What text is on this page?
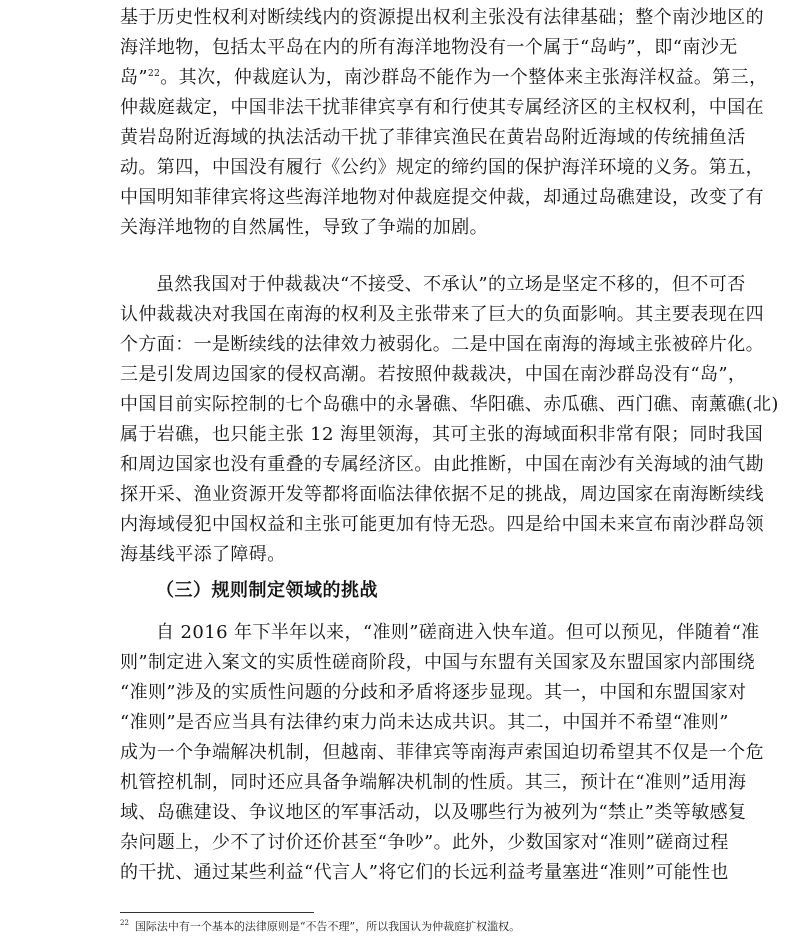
基于历史性权利对断续线内的资源提出权利主张没有法律基础；整个南沙地区的
海洋地物，包括太平岛在内的所有海洋地物没有一个属于“岛屿”，即“南沙无
岛”$^{22}$。其次，仲裁庭认为，南沙群岛不能作为一个整体来主张海洋权益。第三，
仲裁庭裁定，中国非法干扰菲律宾享有和行使其专属经济区的主权权利，中国在
黄岩岛附近海域的执法活动干扰了菲律宾渔民在黄岩岛附近海域的传统捕鱼活
动。第四，中国没有履行《公约》规定的缔约国的保护海洋环境的义务。第五，
中国明知菲律宾将这些海洋地物对仲裁庭提交仲裁，却通过岛礁建设，改变了有
关海洋地物的自然属性，导致了争端的加剧。
虽然我国对于仲裁裁决“不接受、不承认”的立场是坚定不移的，但不可否
认仲裁裁决对我国在南海的权利及主张带来了巨大的负面影响。其主要表现在四
个方面：一是断续线的法律效力被弱化。二是中国在南海的海域主张被碎片化。
三是引发周边国家的侵权高潮。若按照仲裁裁决，中国在南沙群岛没有“岛”，
中国目前实际控制的七个岛礁中的永暑礁、华阳礁、赤瓜礁、西门礁、南薰礁(北)
属于岩礁，也只能主张 12 海里领海，其可主张的海域面积非常有限；同时我国
和周边国家也没有重叠的专属经济区。由此推断，中国在南沙有关海域的油气勘
探开采、渔业资源开发等都将面临法律依据不足的挑战，周边国家在南海断续线
内海域侵犯中国权益和主张可能更加有恃无恐。四是给中国未来宣布南沙群岛领
海基线平添了障碍。
（三）规则制定领域的挑战
自 2016 年下半年以来，“准则”磋商进入快车道。但可以预见，伴随着“准
则”制定进入案文的实质性磋商阶段，中国与东盟有关国家及东盟国家内部围绕
“准则”涉及的实质性问题的分歧和矛盾将逐步显现。其一，中国和东盟国家对
“准则”是否应当具有法律约束力尚未达成共识。其二，中国并不希望“准则”
成为一个争端解决机制，但越南、菲律宾等南海声索国迫切希望其不仅是一个危
机管控机制，同时还应具备争端解决机制的性质。其三，预计在“准则”适用海
域、岛礁建设、争议地区的军事活动，以及哪些行为被列为“禁止”类等敏感复
杂问题上，少不了讨价还价甚至“争吵”。此外，少数国家对“准则”磋商过程
的干扰、通过某些利益“代言人”将它们的长远利益考量塞进“准则”可能性也
$^{22}$ 国际法中有一个基本的法律原则是“不告不理”，所以我国认为仲裁庭扩权滥权。
